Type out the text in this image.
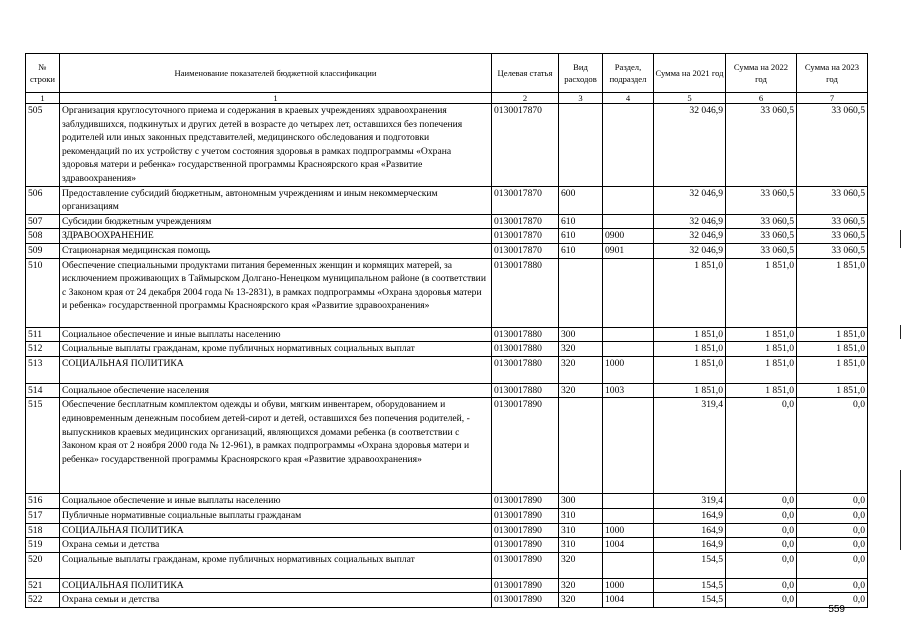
№ строки	Наименование показателей бюджетной классификации	Целевая статья	Вид расходов	Раздел, подраздел	Сумма на 2021 год	Сумма на 2022 год	Сумма на 2023 год
1	1	2	3	4	5	6	7
505	Организация круглосуточного приема и содержания в краевых учреждениях здравоохранения заблудившихся, подкинутых и других детей в возрасте до четырех лет, оставшихся без попечения родителей или иных законных представителей, медицинского обследования и подготовки рекомендаций по их устройству с учетом состояния здоровья в рамках подпрограммы «Охрана здоровья матери и ребенка» государственной программы Красноярского края «Развитие здравоохранения»	0130017870			32 046,9	33 060,5	33 060,5
506	Предоставление субсидий бюджетным, автономным учреждениям и иным некоммерческим организациям	0130017870	600		32 046,9	33 060,5	33 060,5
507	Субсидии бюджетным учреждениям	0130017870	610		32 046,9	33 060,5	33 060,5
508	ЗДРАВООХРАНЕНИЕ	0130017870	610	0900	32 046,9	33 060,5	33 060,5
509	Стационарная медицинская помощь	0130017870	610	0901	32 046,9	33 060,5	33 060,5
510	Обеспечение специальными продуктами питания беременных женщин и кормящих матерей, за исключением проживающих в Таймырском Долгано-Ненецком муниципальном районе (в соответствии с Законом края от 24 декабря 2004 года № 13-2831), в рамках подпрограммы «Охрана здоровья матери и ребенка» государственной программы Красноярского края «Развитие здравоохранения»	0130017880			1 851,0	1 851,0	1 851,0
511	Социальное обеспечение и иные выплаты населению	0130017880	300		1 851,0	1 851,0	1 851,0
512	Социальные выплаты гражданам, кроме публичных нормативных социальных выплат	0130017880	320		1 851,0	1 851,0	1 851,0
513	СОЦИАЛЬНАЯ ПОЛИТИКА	0130017880	320	1000	1 851,0	1 851,0	1 851,0
514	Социальное обеспечение населения	0130017880	320	1003	1 851,0	1 851,0	1 851,0
515	Обеспечение бесплатным комплектом одежды и обуви, мягким инвентарем, оборудованием и единовременным денежным пособием детей-сирот и детей, оставшихся без попечения родителей, - выпускников краевых медицинских организаций, являющихся домами ребенка (в соответствии с Законом края от 2 ноября 2000 года № 12-961), в рамках подпрограммы «Охрана здоровья матери и ребенка» государственной программы Красноярского края «Развитие здравоохранения»	0130017890			319,4	0,0	0,0
516	Социальное обеспечение и иные выплаты населению	0130017890	300		319,4	0,0	0,0
517	Публичные нормативные социальные выплаты гражданам	0130017890	310		164,9	0,0	0,0
518	СОЦИАЛЬНАЯ ПОЛИТИКА	0130017890	310	1000	164,9	0,0	0,0
519	Охрана семьи и детства	0130017890	310	1004	164,9	0,0	0,0
520	Социальные выплаты гражданам, кроме публичных нормативных социальных выплат	0130017890	320		154,5	0,0	0,0
521	СОЦИАЛЬНАЯ ПОЛИТИКА	0130017890	320	1000	154,5	0,0	0,0
522	Охрана семьи и детства	0130017890	320	1004	154,5	0,0	0,0
559
